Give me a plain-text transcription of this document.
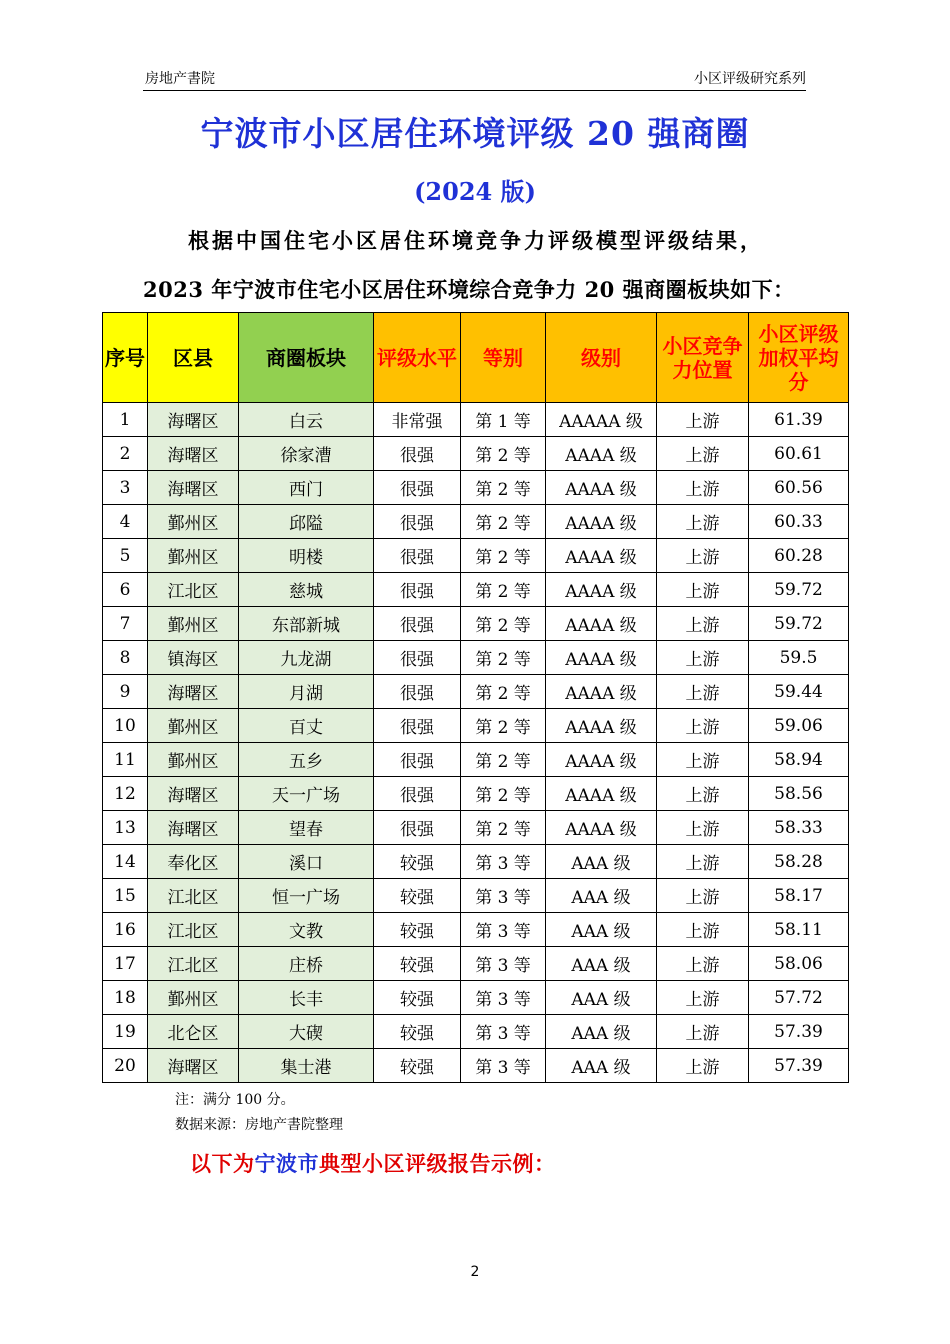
房地产書院	小区评级研究系列
宁波市小区居住环境评级 20 强商圈
(2024 版)
根据中国住宅小区居住环境竞争力评级模型评级结果，
2023 年宁波市住宅小区居住环境综合竞争力 20 强商圈板块如下：
序号	区县	商圈板块	评级水平	等别	级别	小区竞争力位置	小区评级加权平均分
1	海曙区	白云	非常强	第 1 等	AAAAA 级	上游	61.39
2	海曙区	徐家漕	很强	第 2 等	AAAA 级	上游	60.61
3	海曙区	西门	很强	第 2 等	AAAA 级	上游	60.56
4	鄞州区	邱隘	很强	第 2 等	AAAA 级	上游	60.33
5	鄞州区	明楼	很强	第 2 等	AAAA 级	上游	60.28
6	江北区	慈城	很强	第 2 等	AAAA 级	上游	59.72
7	鄞州区	东部新城	很强	第 2 等	AAAA 级	上游	59.72
8	镇海区	九龙湖	很强	第 2 等	AAAA 级	上游	59.5
9	海曙区	月湖	很强	第 2 等	AAAA 级	上游	59.44
10	鄞州区	百丈	很强	第 2 等	AAAA 级	上游	59.06
11	鄞州区	五乡	很强	第 2 等	AAAA 级	上游	58.94
12	海曙区	天一广场	很强	第 2 等	AAAA 级	上游	58.56
13	海曙区	望春	很强	第 2 等	AAAA 级	上游	58.33
14	奉化区	溪口	较强	第 3 等	AAA 级	上游	58.28
15	江北区	恒一广场	较强	第 3 等	AAA 级	上游	58.17
16	江北区	文教	较强	第 3 等	AAA 级	上游	58.11
17	江北区	庄桥	较强	第 3 等	AAA 级	上游	58.06
18	鄞州区	长丰	较强	第 3 等	AAA 级	上游	57.72
19	北仑区	大碶	较强	第 3 等	AAA 级	上游	57.39
20	海曙区	集士港	较强	第 3 等	AAA 级	上游	57.39
注：满分 100 分。
数据来源：房地产書院整理
以下为宁波市典型小区评级报告示例：
2
